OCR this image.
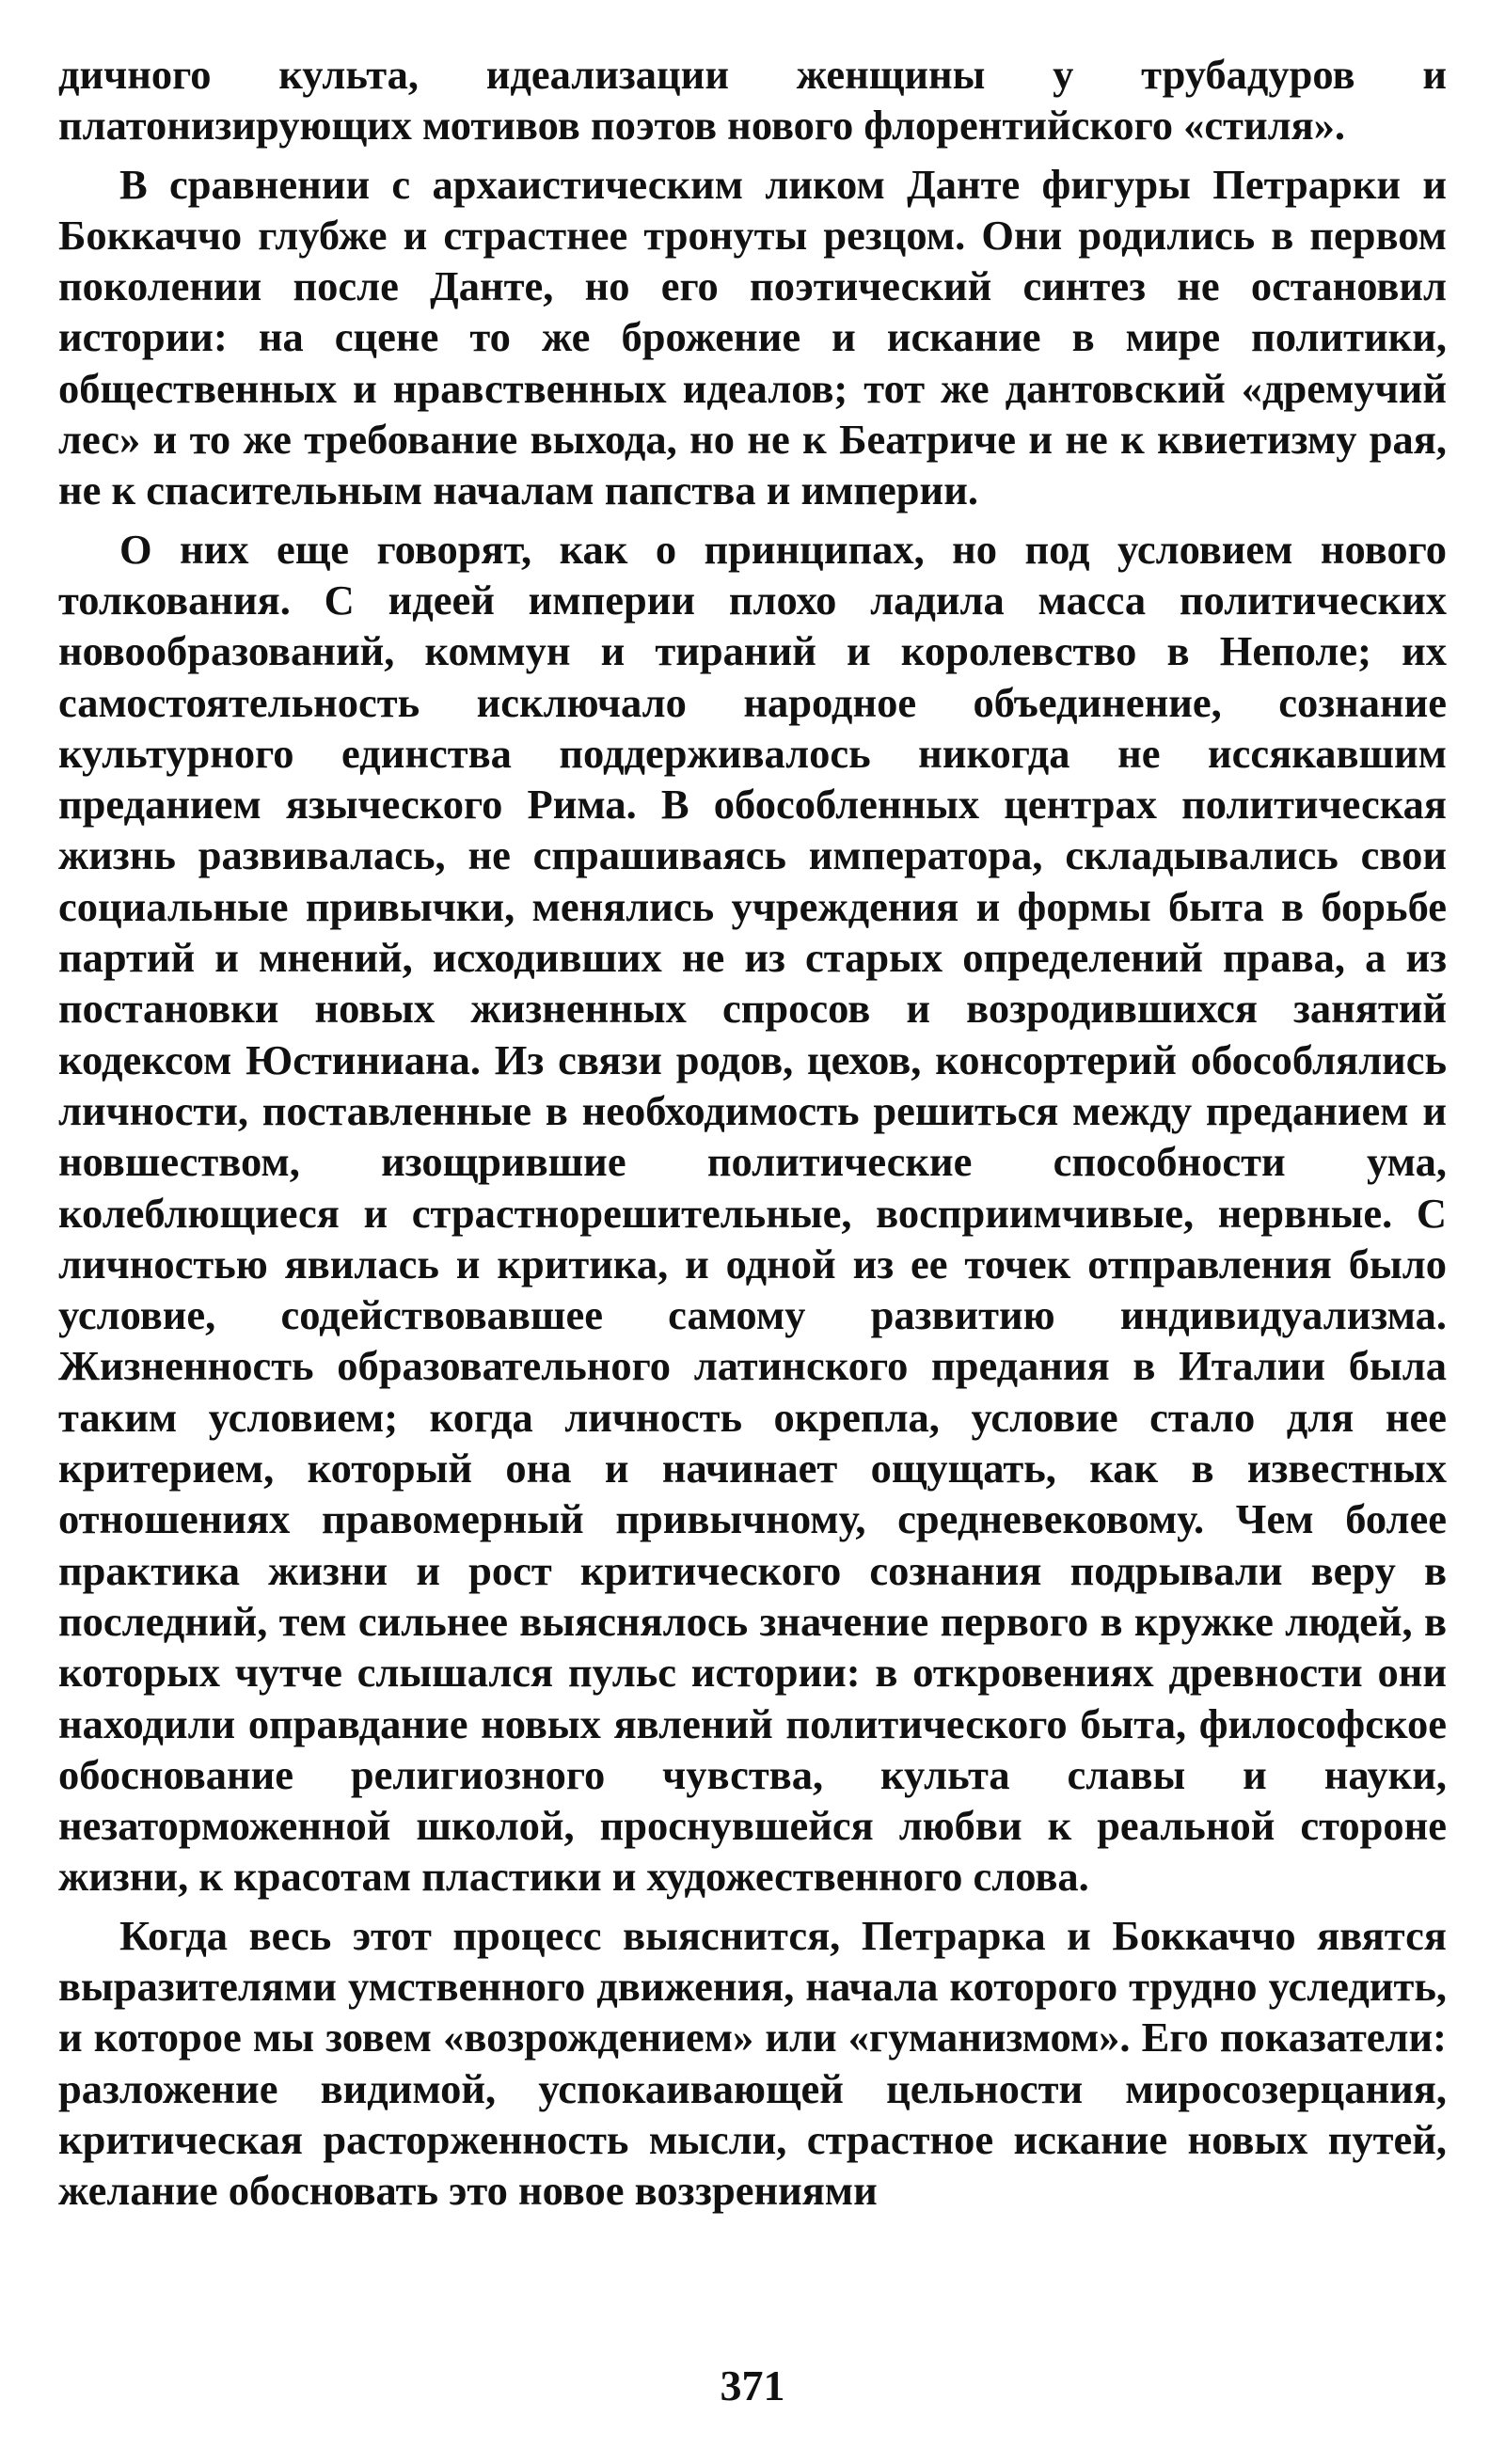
дичного культа, идеализации женщины у трубадуров и платонизирующих мотивов поэтов нового флорентийского «стиля».

В сравнении с архаистическим ликом Данте фигуры Петрарки и Боккаччо глубже и страстнее тронуты резцом. Они родились в первом поколении после Данте, но его поэтический синтез не остановил истории: на сцене то же брожение и искание в мире политики, общественных и нравственных идеалов; тот же дантовский «дремучий лес» и то же требование выхода, но не к Беатриче и не к квиетизму рая, не к спасительным началам папства и империи.

О них еще говорят, как о принципах, но под условием нового толкования. С идеей империи плохо ладила масса политических новообразований, коммун и тираний и королевство в Неполе; их самостоятельность исключало народное объединение, сознание культурного единства поддерживалось никогда не иссякавшим преданием языческого Рима. В обособленных центрах политическая жизнь развивалась, не спрашиваясь императора, складывались свои социальные привычки, менялись учреждения и формы быта в борьбе партий и мнений, исходивших не из старых определений права, а из постановки новых жизненных спросов и возродившихся занятий кодексом Юстиниана. Из связи родов, цехов, консортерий обособлялись личности, поставленные в необходимость решиться между преданием и новшеством, изощрившие политические способности ума, колеблющиеся и страстнорешительные, восприимчивые, нервные. С личностью явилась и критика, и одной из ее точек отправления было условие, содействовавшее самому развитию индивидуализма. Жизненность образовательного латинского предания в Италии была таким условием; когда личность окрепла, условие стало для нее критерием, который она и начинает ощущать, как в известных отношениях правомерный привычному, средневековому. Чем более практика жизни и рост критического сознания подрывали веру в последний, тем сильнее выяснялось значение первого в кружке людей, в которых чутче слышался пульс истории: в откровениях древности они находили оправдание новых явлений политического быта, философское обоснование религиозного чувства, культа славы и науки, незаторможенной школой, проснувшейся любви к реальной стороне жизни, к красотам пластики и художественного слова.

Когда весь этот процесс выяснится, Петрарка и Боккаччо явятся выразителями умственного движения, начала которого трудно уследить, и которое мы зовем «возрождением» или «гуманизмом». Его показатели: разложение видимой, успокаивающей цельности миросозерцания, критическая расторженность мысли, страстное искание новых путей, желание обосновать это новое воззрениями

371
